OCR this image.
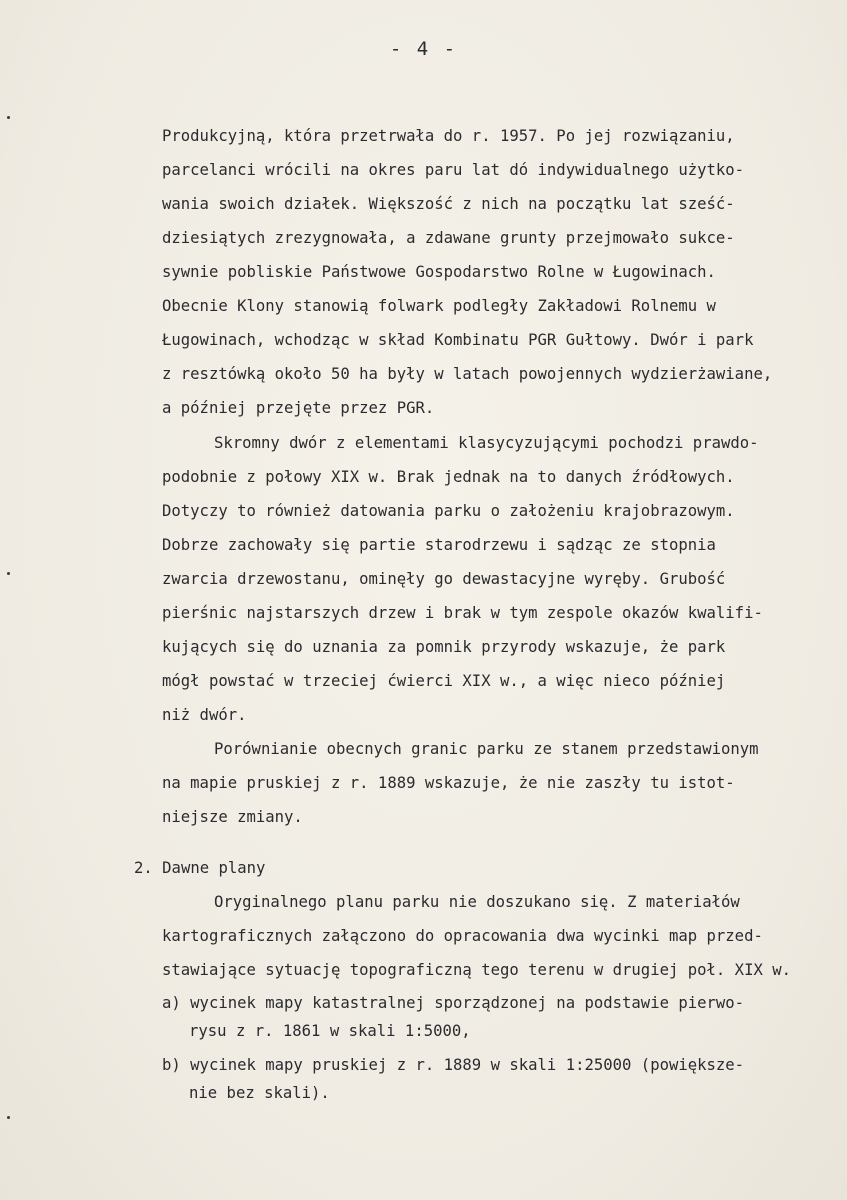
- 4 -
Produkcyjną, która przetrwała do r. 1957. Po jej rozwiązaniu,
parcelanci wrócili na okres paru lat dó indywidualnego użytko-
wania swoich działek. Większość z nich na początku lat sześć-
dziesiątych zrezygnowała, a zdawane grunty przejmowało sukce-
sywnie pobliskie Państwowe Gospodarstwo Rolne w Ługowinach.
Obecnie Klony stanowią folwark podległy Zakładowi Rolnemu w
Ługowinach, wchodząc w skład Kombinatu PGR Gułtowy. Dwór i park
z resztówką około 50 ha były w latach powojennych wydzierżawiane,
a później przejęte przez PGR.
Skromny dwór z elementami klasycyzującymi pochodzi prawdo-
podobnie z połowy XIX w. Brak jednak na to danych źródłowych.
Dotyczy to również datowania parku o założeniu krajobrazowym.
Dobrze zachowały się partie starodrzewu i sądząc ze stopnia
zwarcia drzewostanu, ominęły go dewastacyjne wyręby. Grubość
pierśnic najstarszych drzew i brak w tym zespole okazów kwalifi-
kujących się do uznania za pomnik przyrody wskazuje, że park
mógł powstać w trzeciej ćwierci XIX w., a więc nieco później
niż dwór.
Porównianie obecnych granic parku ze stanem przedstawionym
na mapie pruskiej z r. 1889 wskazuje, że nie zaszły tu istot-
niejsze zmiany.
2. Dawne plany
Oryginalnego planu parku nie doszukano się. Z materiałów
kartograficznych załączono do opracowania dwa wycinki map przed-
stawiające sytuację topograficzną tego terenu w drugiej poł. XIX w.
a) wycinek mapy katastralnej sporządzonej na podstawie pierwo-
rysu z r. 1861 w skali 1:5000,
b) wycinek mapy pruskiej z r. 1889 w skali 1:25000 (powiększe-
nie bez skali).
